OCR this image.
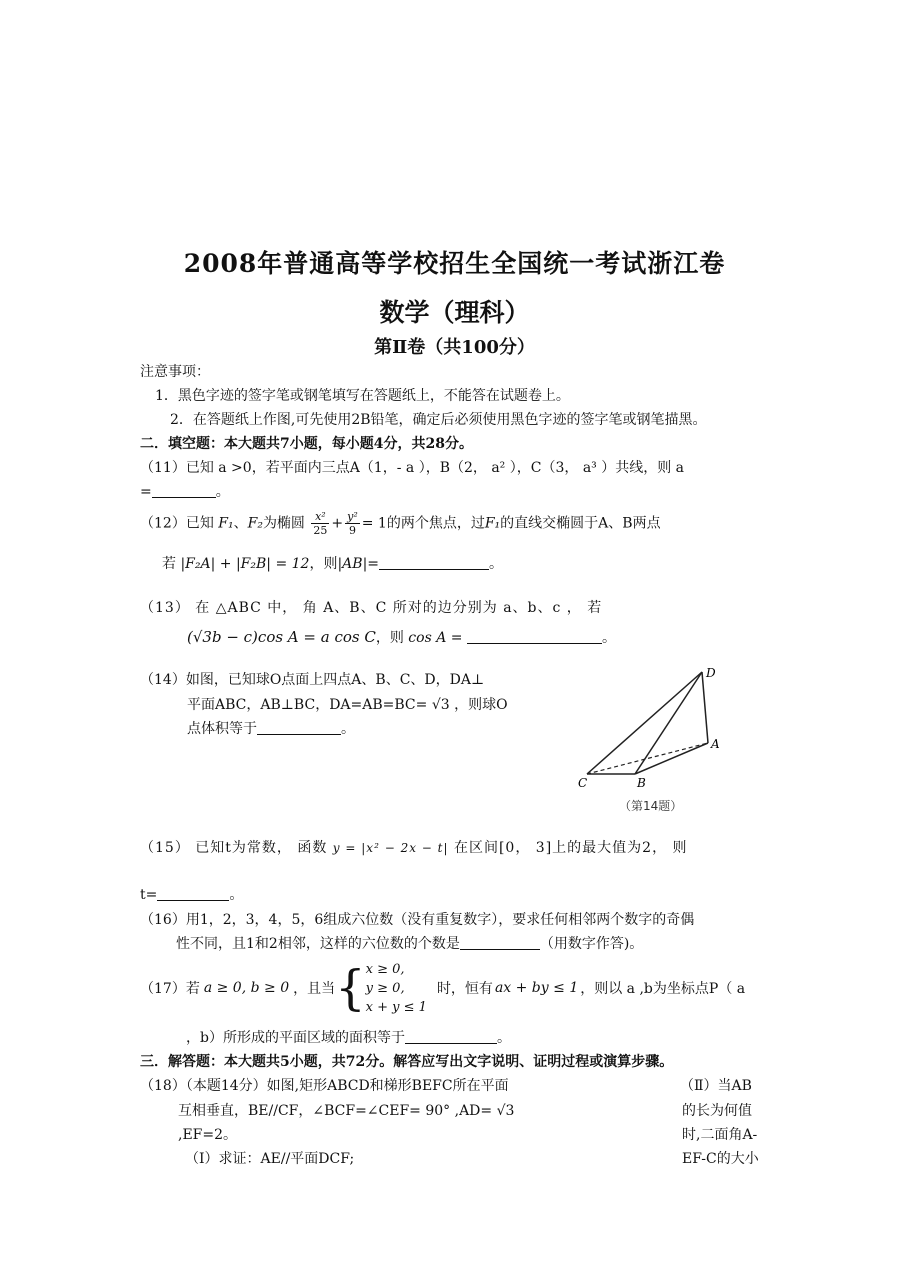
2008年普通高等学校招生全国统一考试浙江卷
数学（理科）
第Ⅱ卷（共100分）
注意事项：
1．黑色字迹的签字笔或钢笔填写在答题纸上，不能答在试题卷上。
2．在答题纸上作图,可先使用2B铅笔，确定后必须使用黑色字迹的签字笔或钢笔描黑。
二．填空题：本大题共7小题，每小题4分，共28分。
（11）已知 a >0，若平面内三点A（1，- a ），B（2， a² ），C（3， a³ ）共线，则 a
=	。
（12）已知 F₁、F₂为椭圆 $\frac{\text{x²}}{25} + \frac{\text{y²}}{9} = 1$的两个焦点，过F₁的直线交椭圆于A、B两点
若 |F₂A| + |F₂B| = 12，则|AB|=	。
（13） 在 △ABC 中， 角 A、B、C 所对的边分别为 a、b、c ， 若
(√3b − c)cos A = a cos C，则 cos A =	。
（14）如图，已知球O点面上四点A、B、C、D，DA⊥
平面ABC，AB⊥BC，DA=AB=BC= √3 ，则球O
点体积等于	。
D
A
B
C
（第14题）
（15） 已知t为常数， 函数 y = |x² − 2x − t| 在区间[0， 3]上的最大值为2， 则
t=	。
（16）用1，2，3，4，5，6组成六位数（没有重复数字），要求任何相邻两个数字的奇偶
性不同，且1和2相邻，这样的六位数的个数是	（用数字作答)。
（17）若 a ≥ 0, b ≥ 0 ，且当 { x ≥ 0,
y ≥ 0,
x + y ≤ 1
时，恒有 ax + by ≤ 1 ，则以 a ,b为坐标点P（ a
，b）所形成的平面区域的面积等于	。
三．解答题：本大题共5小题，共72分。解答应写出文字说明、证明过程或演算步骤。
（18）（本题14分）如图,矩形ABCD和梯形BEFC所在平面
互相垂直，BE//CF，∠BCF=∠CEF= 90° ,AD= √3
,EF=2。
（Ⅰ）求证：AE//平面DCF;
（Ⅱ）当AB
的长为何值
时,二面角A-
EF-C的大小
